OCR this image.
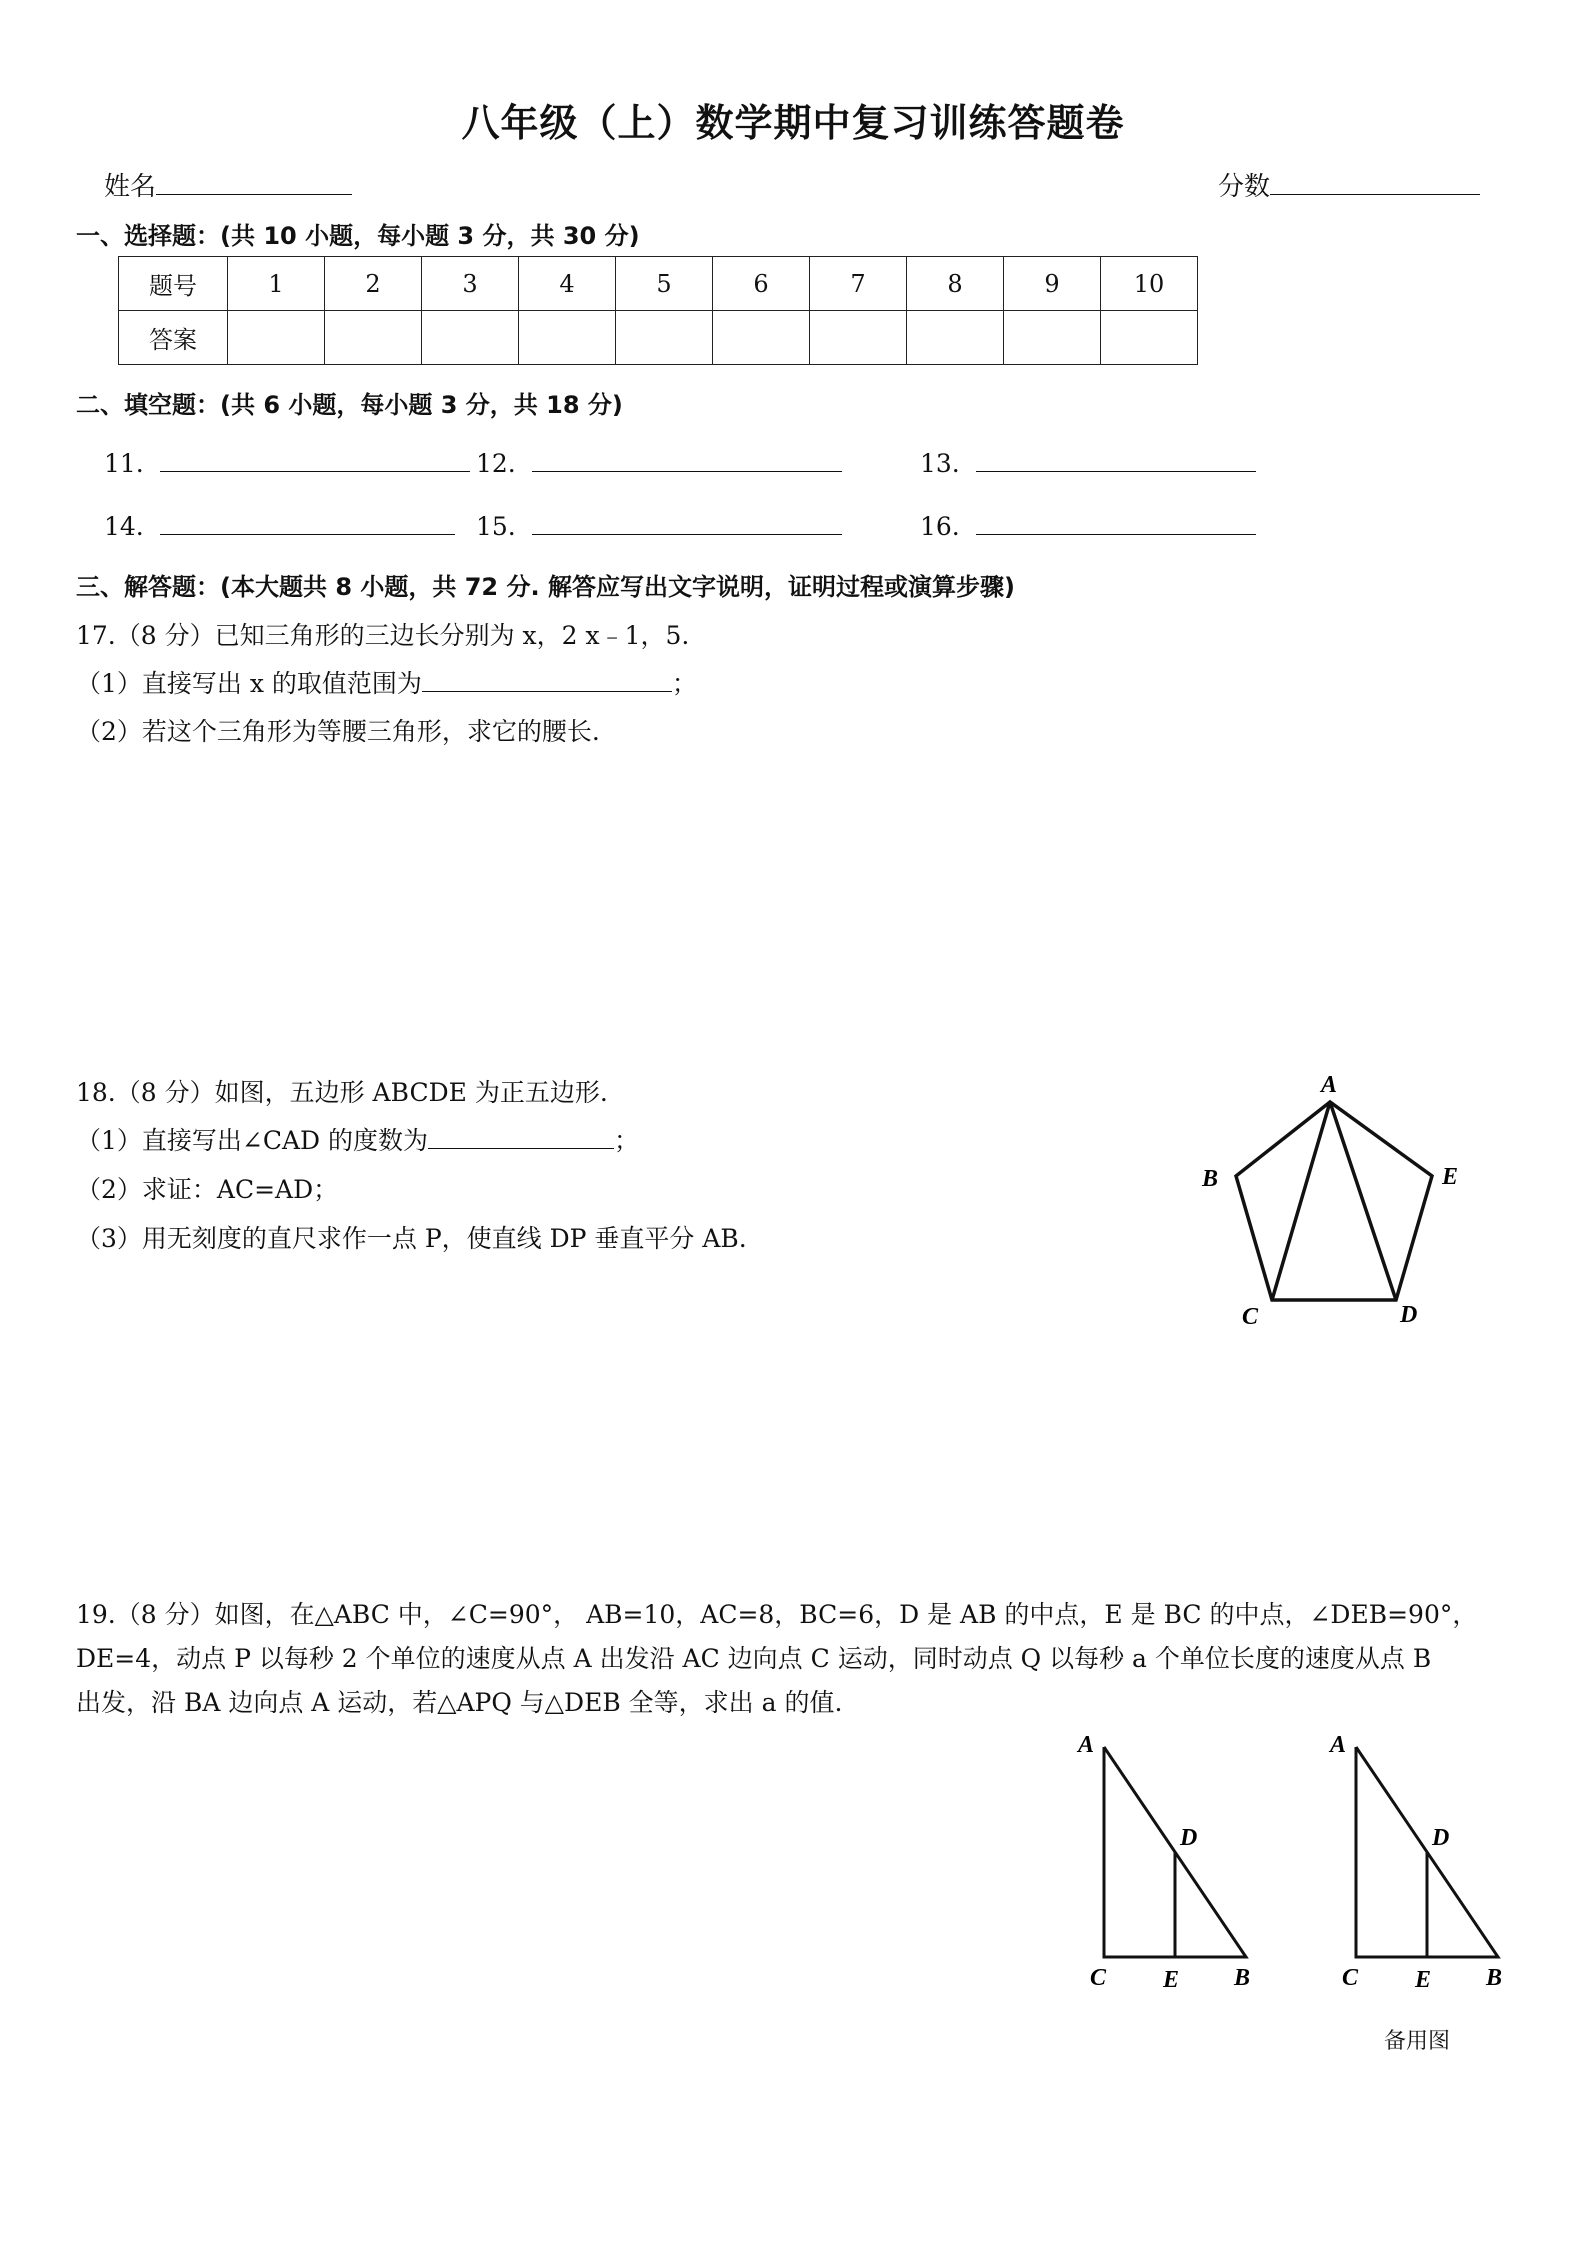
八年级（上）数学期中复习训练答题卷
姓名	分数
一、选择题：(共 10 小题，每小题 3 分，共 30 分)
题号	1	2	3	4	5	6	7	8	9	10
答案										
二、填空题：(共 6 小题，每小题 3 分，共 18 分)
11.	12.	13.
14.	15.	16.
三、解答题：(本大题共 8 小题，共 72 分. 解答应写出文字说明，证明过程或演算步骤)
17.（8 分）已知三角形的三边长分别为 x，2 x﹣1，5.
（1）直接写出 x 的取值范围为	；
（2）若这个三角形为等腰三角形，求它的腰长.
18.（8 分）如图，五边形 ABCDE 为正五边形.
（1）直接写出∠CAD 的度数为	；
（2）求证：AC=AD；
（3）用无刻度的直尺求作一点 P，使直线 DP 垂直平分 AB.
A
B	E
C	D
19.（8 分）如图，在△ABC 中，∠C=90°， AB=10，AC=8，BC=6，D 是 AB 的中点，E 是 BC 的中点，∠DEB=90°，
DE=4，动点 P 以每秒 2 个单位的速度从点 A 出发沿 AC 边向点 C 运动，同时动点 Q 以每秒 a 个单位长度的速度从点 B
出发，沿 BA 边向点 A 运动，若△APQ 与△DEB 全等，求出 a 的值.
A
D
C E B
A
D
C E B
备用图
